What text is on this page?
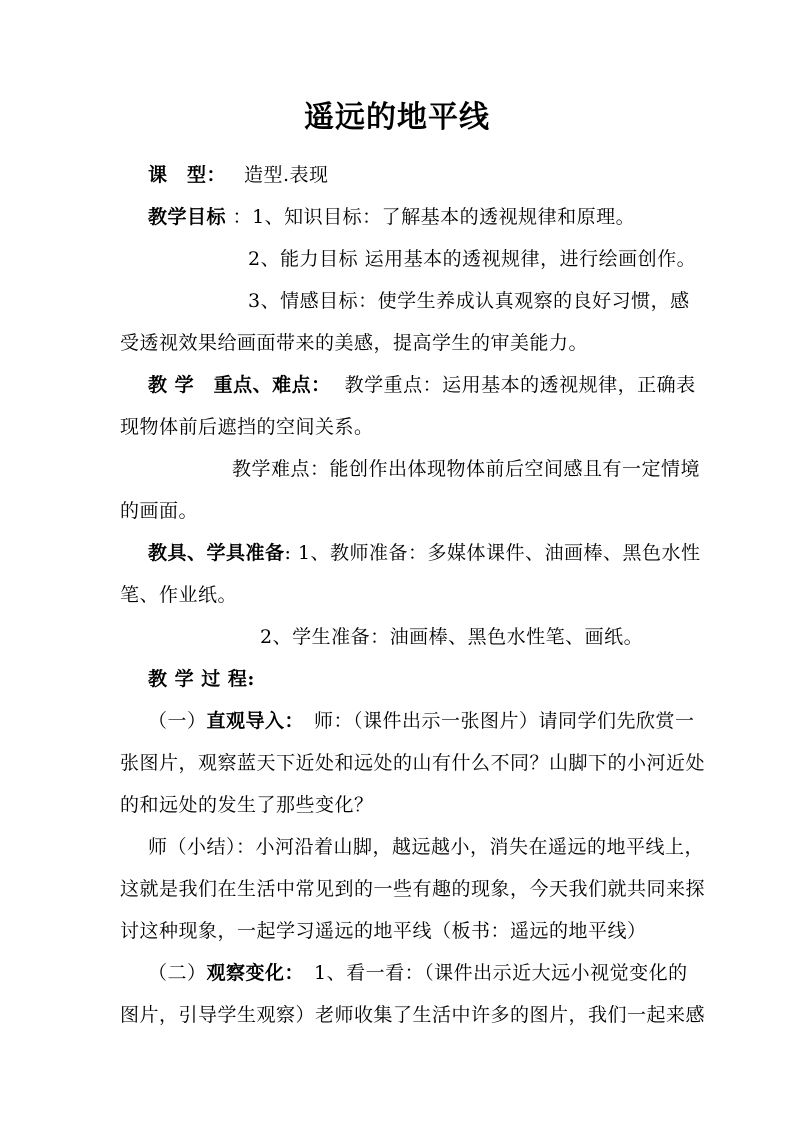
遥远的地平线
课　型： 造型.表现
教学目标 ：1、知识目标：了解基本的透视规律和原理。
2、能力目标 运用基本的透视规律，进行绘画创作。
3、情感目标：使学生养成认真观察的良好习惯，感
受透视效果给画面带来的美感，提高学生的审美能力。
教 学　重点、难点： 教学重点：运用基本的透视规律，正确表
现物体前后遮挡的空间关系。
教学难点：能创作出体现物体前后空间感且有一定情境
的画面。
教具、学具准备: 1、教师准备：多媒体课件、油画棒、黑色水性
笔、作业纸。
2、学生准备：油画棒、黑色水性笔、画纸。
教 学 过 程:
（一）直观导入： 师：（课件出示一张图片）请同学们先欣赏一
张图片，观察蓝天下近处和远处的山有什么不同？山脚下的小河近处
的和远处的发生了那些变化？
师（小结）：小河沿着山脚，越远越小，消失在遥远的地平线上，
这就是我们在生活中常见到的一些有趣的现象，今天我们就共同来探
讨这种现象，一起学习遥远的地平线（板书：遥远的地平线）
（二）观察变化： 1、看一看：（课件出示近大远小视觉变化的
图片，引导学生观察）老师收集了生活中许多的图片，我们一起来感
